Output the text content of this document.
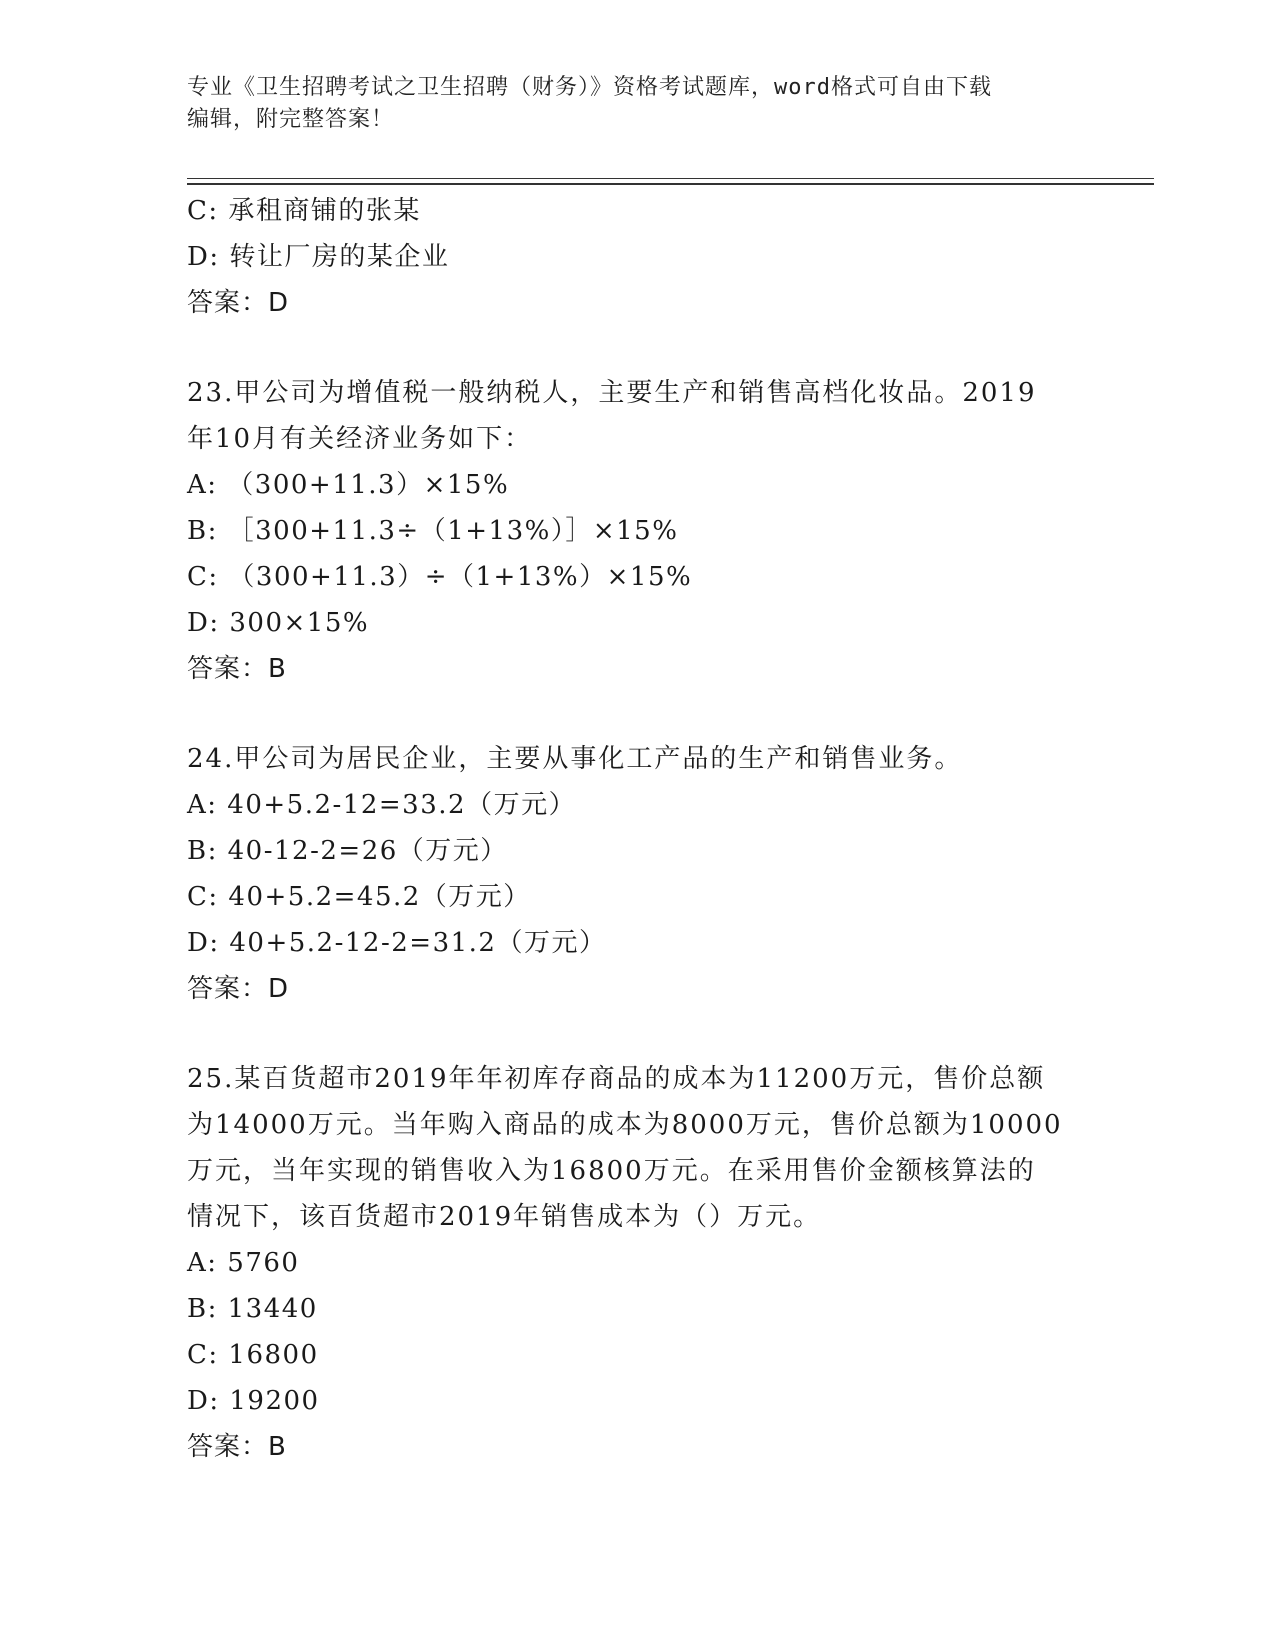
专业《卫生招聘考试之卫生招聘（财务）》资格考试题库，word格式可自由下载
编辑，附完整答案！
C: 承租商铺的张某
D: 转让厂房的某企业
答案：D
23.甲公司为增值税一般纳税人，主要生产和销售高档化妆品。2019
年10月有关经济业务如下：
A: （300+11.3）×15%
B: ［300+11.3÷（1+13%）］×15%
C: （300+11.3）÷（1+13%）×15%
D: 300×15%
答案：B
24.甲公司为居民企业，主要从事化工产品的生产和销售业务。
A: 40+5.2-12=33.2（万元）
B: 40-12-2=26（万元）
C: 40+5.2=45.2（万元）
D: 40+5.2-12-2=31.2（万元）
答案：D
25.某百货超市2019年年初库存商品的成本为11200万元，售价总额
为14000万元。当年购入商品的成本为8000万元，售价总额为10000
万元，当年实现的销售收入为16800万元。在采用售价金额核算法的
情况下，该百货超市2019年销售成本为（）万元。
A: 5760
B: 13440
C: 16800
D: 19200
答案：B
